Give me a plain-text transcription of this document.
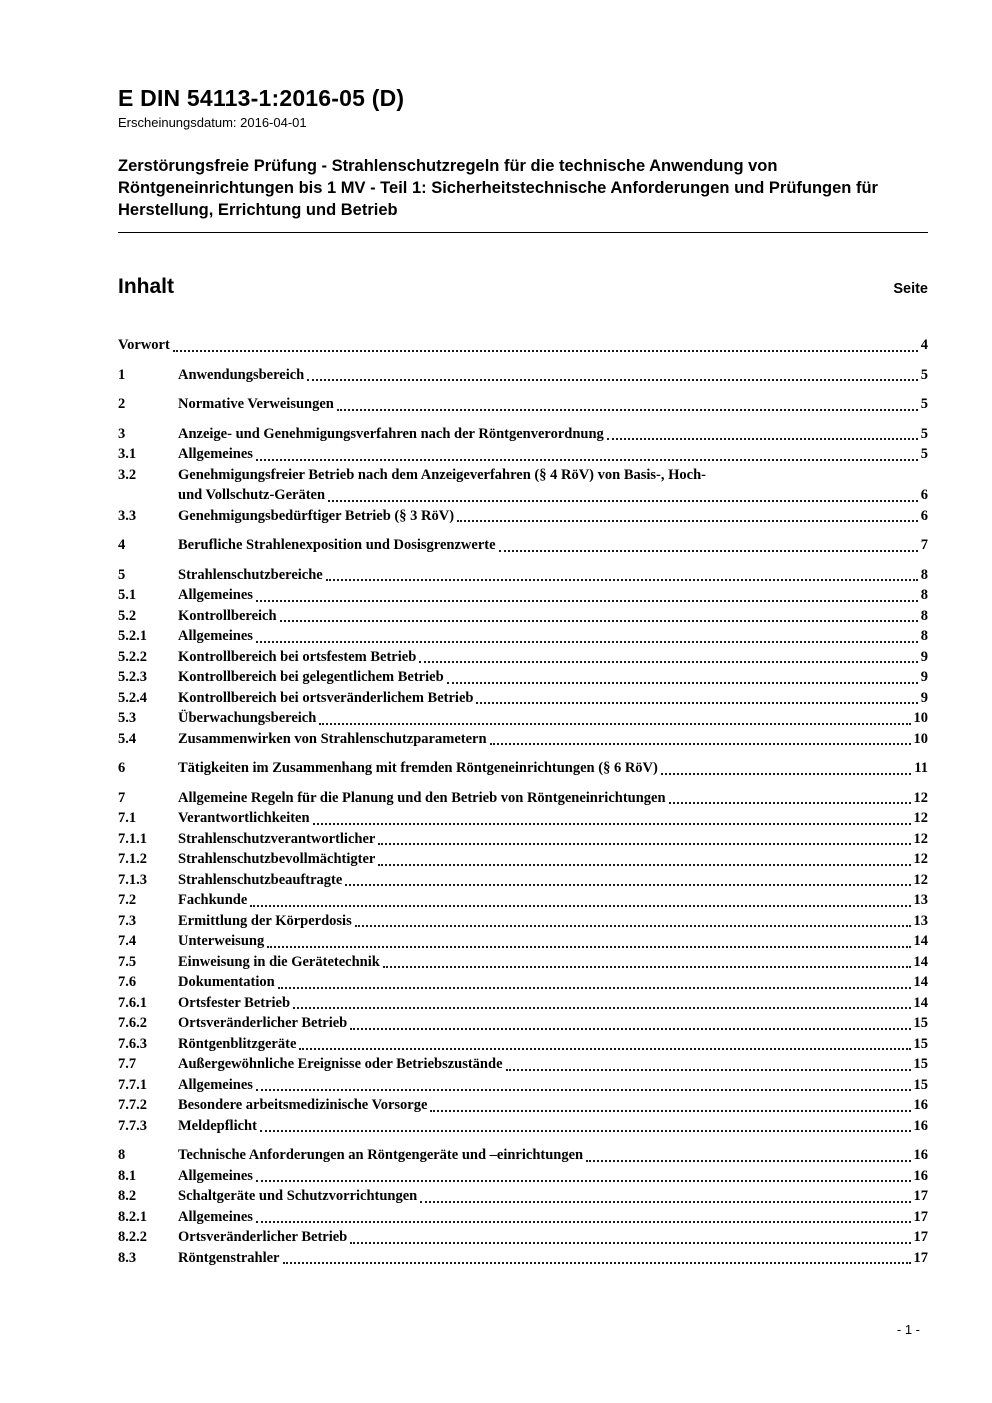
E DIN 54113-1:2016-05 (D)
Erscheinungsdatum: 2016-04-01
Zerstörungsfreie Prüfung - Strahlenschutzregeln für die technische Anwendung von Röntgeneinrichtungen bis 1 MV - Teil 1: Sicherheitstechnische Anforderungen und Prüfungen für Herstellung, Errichtung und Betrieb
Inhalt	Seite
Vorwort	4
1	Anwendungsbereich	5
2	Normative Verweisungen	5
3	Anzeige- und Genehmigungsverfahren nach der Röntgenverordnung	5
3.1	Allgemeines	5
3.2	Genehmigungsfreier Betrieb nach dem Anzeigeverfahren (§ 4 RöV) von Basis-, Hoch-
und Vollschutz-Geräten	6
3.3	Genehmigungsbedürftiger Betrieb (§ 3 RöV)	6
4	Berufliche Strahlenexposition und Dosisgrenzwerte	7
5	Strahlenschutzbereiche	8
5.1	Allgemeines	8
5.2	Kontrollbereich	8
5.2.1	Allgemeines	8
5.2.2	Kontrollbereich bei ortsfestem Betrieb	9
5.2.3	Kontrollbereich bei gelegentlichem Betrieb	9
5.2.4	Kontrollbereich bei ortsveränderlichem Betrieb	9
5.3	Überwachungsbereich	10
5.4	Zusammenwirken von Strahlenschutzparametern	10
6	Tätigkeiten im Zusammenhang mit fremden Röntgeneinrichtungen (§ 6 RöV)	11
7	Allgemeine Regeln für die Planung und den Betrieb von Röntgeneinrichtungen	12
7.1	Verantwortlichkeiten	12
7.1.1	Strahlenschutzverantwortlicher	12
7.1.2	Strahlenschutzbevollmächtigter	12
7.1.3	Strahlenschutzbeauftragte	12
7.2	Fachkunde	13
7.3	Ermittlung der Körperdosis	13
7.4	Unterweisung	14
7.5	Einweisung in die Gerätetechnik	14
7.6	Dokumentation	14
7.6.1	Ortsfester Betrieb	14
7.6.2	Ortsveränderlicher Betrieb	15
7.6.3	Röntgenblitzgeräte	15
7.7	Außergewöhnliche Ereignisse oder Betriebszustände	15
7.7.1	Allgemeines	15
7.7.2	Besondere arbeitsmedizinische Vorsorge	16
7.7.3	Meldepflicht	16
8	Technische Anforderungen an Röntgengeräte und –einrichtungen	16
8.1	Allgemeines	16
8.2	Schaltgeräte und Schutzvorrichtungen	17
8.2.1	Allgemeines	17
8.2.2	Ortsveränderlicher Betrieb	17
8.3	Röntgenstrahler	17
- 1 -
